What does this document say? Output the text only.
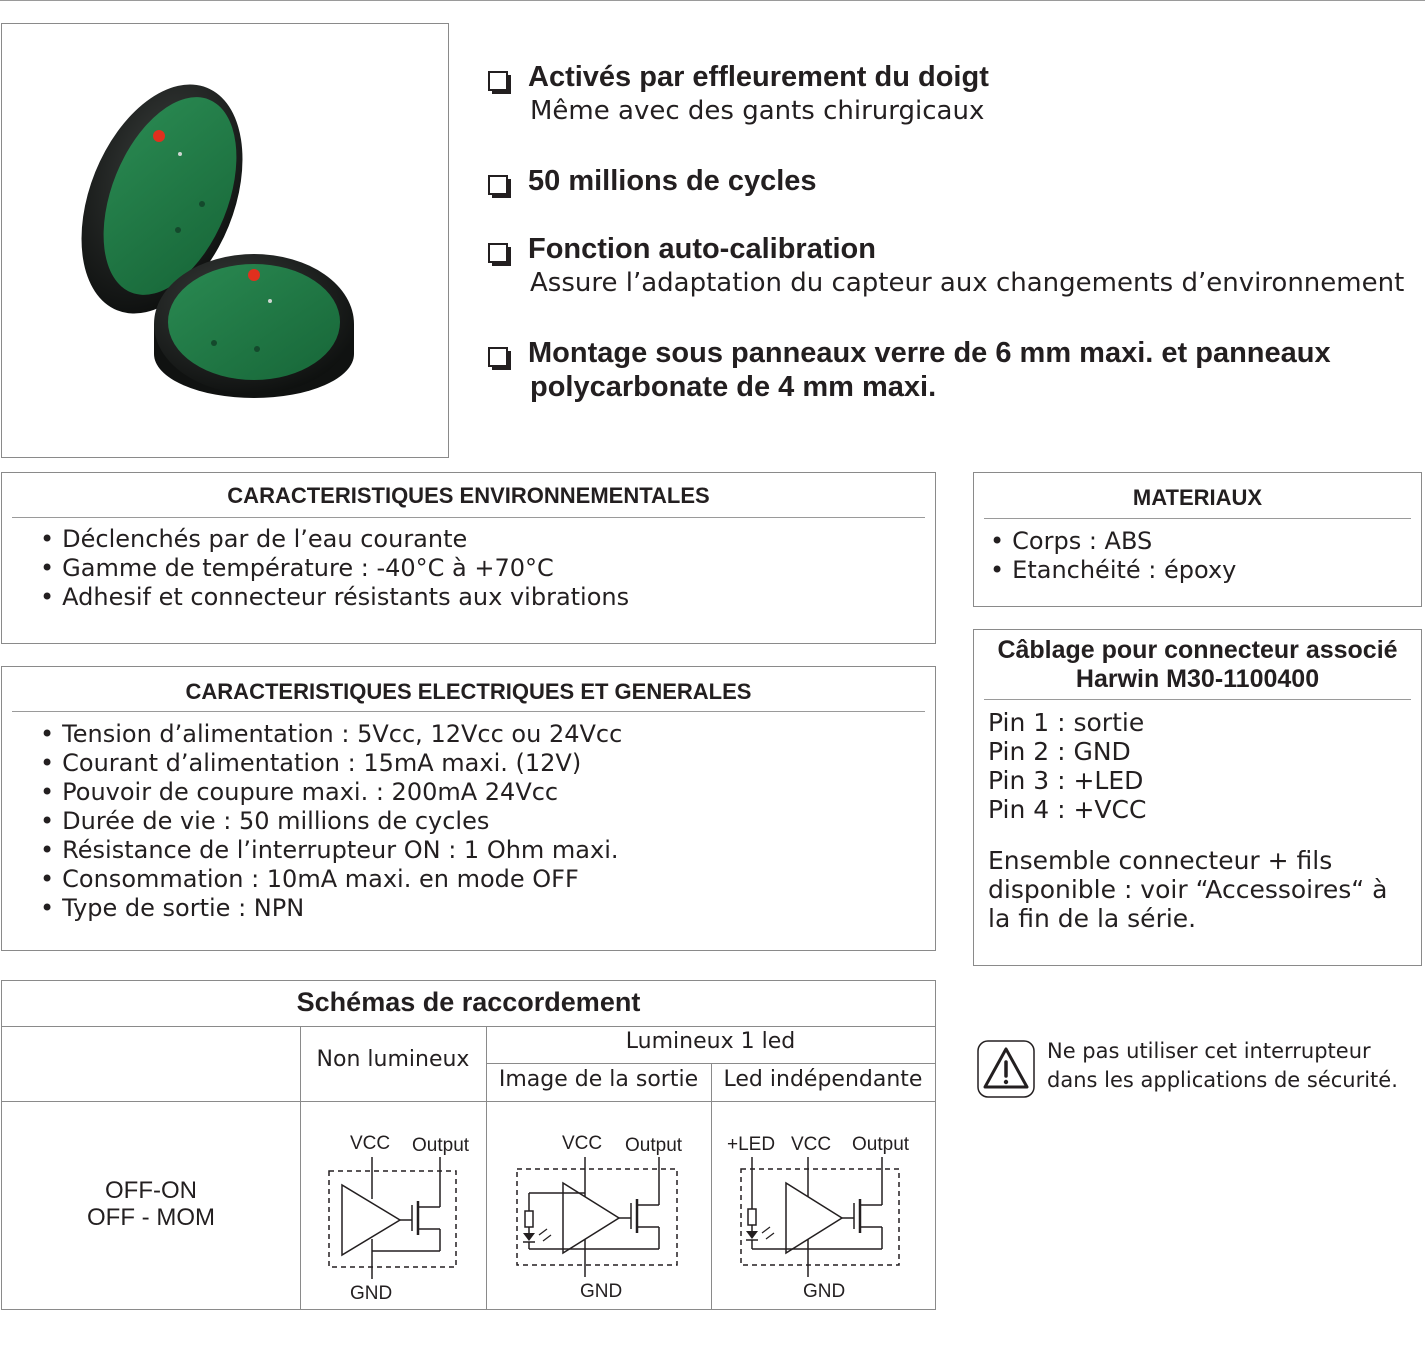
Activés par effleurement du doigt
Même avec des gants chirurgicaux
50 millions de cycles
Fonction auto-calibration
Assure l’adaptation du capteur aux changements d’environnement
Montage sous panneaux verre de 6 mm maxi. et panneaux
polycarbonate de 4 mm maxi.
CARACTERISTIQUES ENVIRONNEMENTALES
• Déclenchés par de l’eau courante
• Gamme de température : -40°C à +70°C
• Adhesif et connecteur résistants aux vibrations
CARACTERISTIQUES ELECTRIQUES ET GENERALES
• Tension d’alimentation : 5Vcc, 12Vcc ou 24Vcc
• Courant d’alimentation : 15mA maxi. (12V)
• Pouvoir de coupure maxi. : 200mA 24Vcc
• Durée de vie : 50 millions de cycles
• Résistance de l’interrupteur ON : 1 Ohm maxi.
• Consommation : 10mA maxi. en mode OFF
• Type de sortie : NPN
MATERIAUX
• Corps : ABS
• Etanchéité : époxy
Câblage pour connecteur associé
Harwin M30-1100400
Pin 1 : sortie
Pin 2 : GND
Pin 3 : +LED
Pin 4 : +VCC
Ensemble connecteur + fils disponible : voir “Accessoires“ à la fin de la série.
Schémas de raccordement
Non lumineux
Lumineux 1 led
Image de la sortie	Led indépendante
OFF-ON
OFF - MOM
VCC Output
GND
VCC Output
GND
+LED VCC Output
GND
Ne pas utiliser cet interrupteur
dans les applications de sécurité.
